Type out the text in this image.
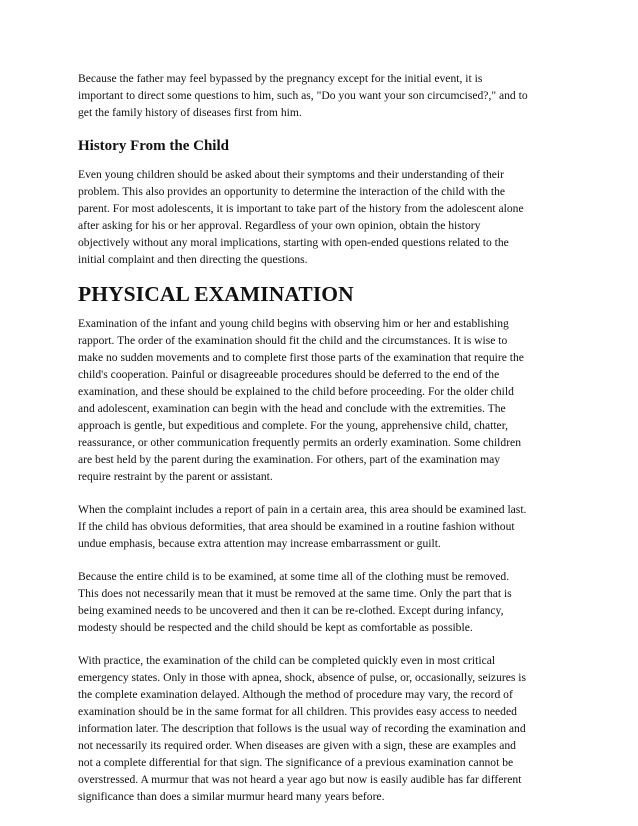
Because the father may feel bypassed by the pregnancy except for the initial event, it is
important to direct some questions to him, such as, "Do you want your son circumcised?," and to
get the family history of diseases first from him.

History From the Child

Even young children should be asked about their symptoms and their understanding of their
problem. This also provides an opportunity to determine the interaction of the child with the
parent. For most adolescents, it is important to take part of the history from the adolescent alone
after asking for his or her approval. Regardless of your own opinion, obtain the history
objectively without any moral implications, starting with open-ended questions related to the
initial complaint and then directing the questions.

PHYSICAL EXAMINATION

Examination of the infant and young child begins with observing him or her and establishing
rapport. The order of the examination should fit the child and the circumstances. It is wise to
make no sudden movements and to complete first those parts of the examination that require the
child's cooperation. Painful or disagreeable procedures should be deferred to the end of the
examination, and these should be explained to the child before proceeding. For the older child
and adolescent, examination can begin with the head and conclude with the extremities. The
approach is gentle, but expeditious and complete. For the young, apprehensive child, chatter,
reassurance, or other communication frequently permits an orderly examination. Some children
are best held by the parent during the examination. For others, part of the examination may
require restraint by the parent or assistant.

When the complaint includes a report of pain in a certain area, this area should be examined last.
If the child has obvious deformities, that area should be examined in a routine fashion without
undue emphasis, because extra attention may increase embarrassment or guilt.

Because the entire child is to be examined, at some time all of the clothing must be removed.
This does not necessarily mean that it must be removed at the same time. Only the part that is
being examined needs to be uncovered and then it can be re-clothed. Except during infancy,
modesty should be respected and the child should be kept as comfortable as possible.

With practice, the examination of the child can be completed quickly even in most critical
emergency states. Only in those with apnea, shock, absence of pulse, or, occasionally, seizures is
the complete examination delayed. Although the method of procedure may vary, the record of
examination should be in the same format for all children. This provides easy access to needed
information later. The description that follows is the usual way of recording the examination and
not necessarily its required order. When diseases are given with a sign, these are examples and
not a complete differential for that sign. The significance of a previous examination cannot be
overstressed. A murmur that was not heard a year ago but now is easily audible has far different
significance than does a similar murmur heard many years before.
